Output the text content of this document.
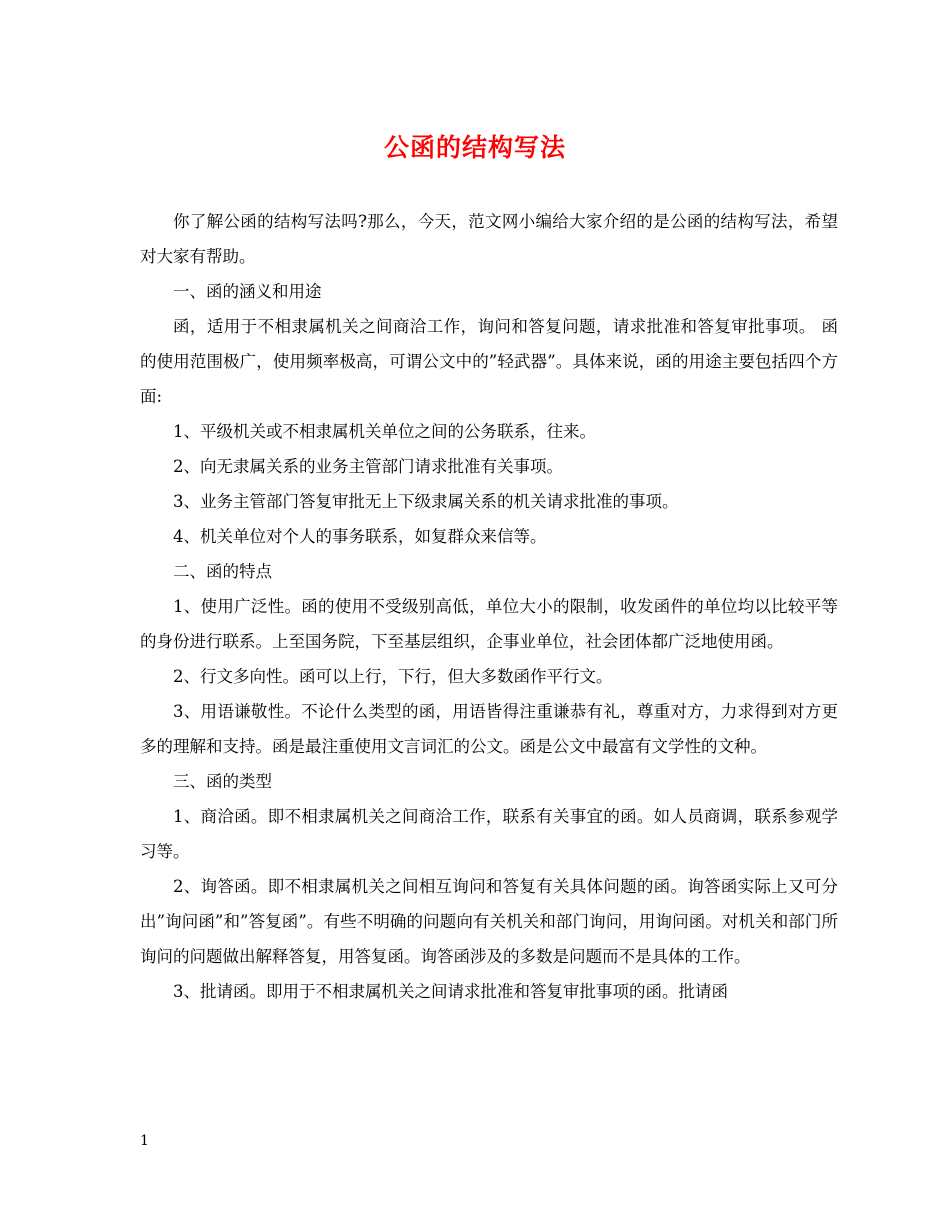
公函的结构写法

你了解公函的结构写法吗?那么，今天，范文网小编给大家介绍的是公函的结构写法，希望对大家有帮助。

一、函的涵义和用途

函，适用于不相隶属机关之间商洽工作，询问和答复问题，请求批准和答复审批事项。 函的使用范围极广，使用频率极高，可谓公文中的”轻武器”。具体来说，函的用途主要包括四个方面:

1、平级机关或不相隶属机关单位之间的公务联系，往来。

2、向无隶属关系的业务主管部门请求批准有关事项。

3、业务主管部门答复审批无上下级隶属关系的机关请求批准的事项。

4、机关单位对个人的事务联系，如复群众来信等。

二、函的特点

1、使用广泛性。函的使用不受级别高低，单位大小的限制，收发函件的单位均以比较平等的身份进行联系。上至国务院，下至基层组织，企事业单位，社会团体都广泛地使用函。

2、行文多向性。函可以上行，下行，但大多数函作平行文。

3、用语谦敬性。不论什么类型的函，用语皆得注重谦恭有礼，尊重对方，力求得到对方更多的理解和支持。函是最注重使用文言词汇的公文。函是公文中最富有文学性的文种。

三、函的类型

1、商洽函。即不相隶属机关之间商洽工作，联系有关事宜的函。如人员商调，联系参观学习等。

2、询答函。即不相隶属机关之间相互询问和答复有关具体问题的函。询答函实际上又可分出”询问函”和”答复函”。有些不明确的问题向有关机关和部门询问，用询问函。对机关和部门所询问的问题做出解释答复，用答复函。询答函涉及的多数是问题而不是具体的工作。

3、批请函。即用于不相隶属机关之间请求批准和答复审批事项的函。批请函

1
